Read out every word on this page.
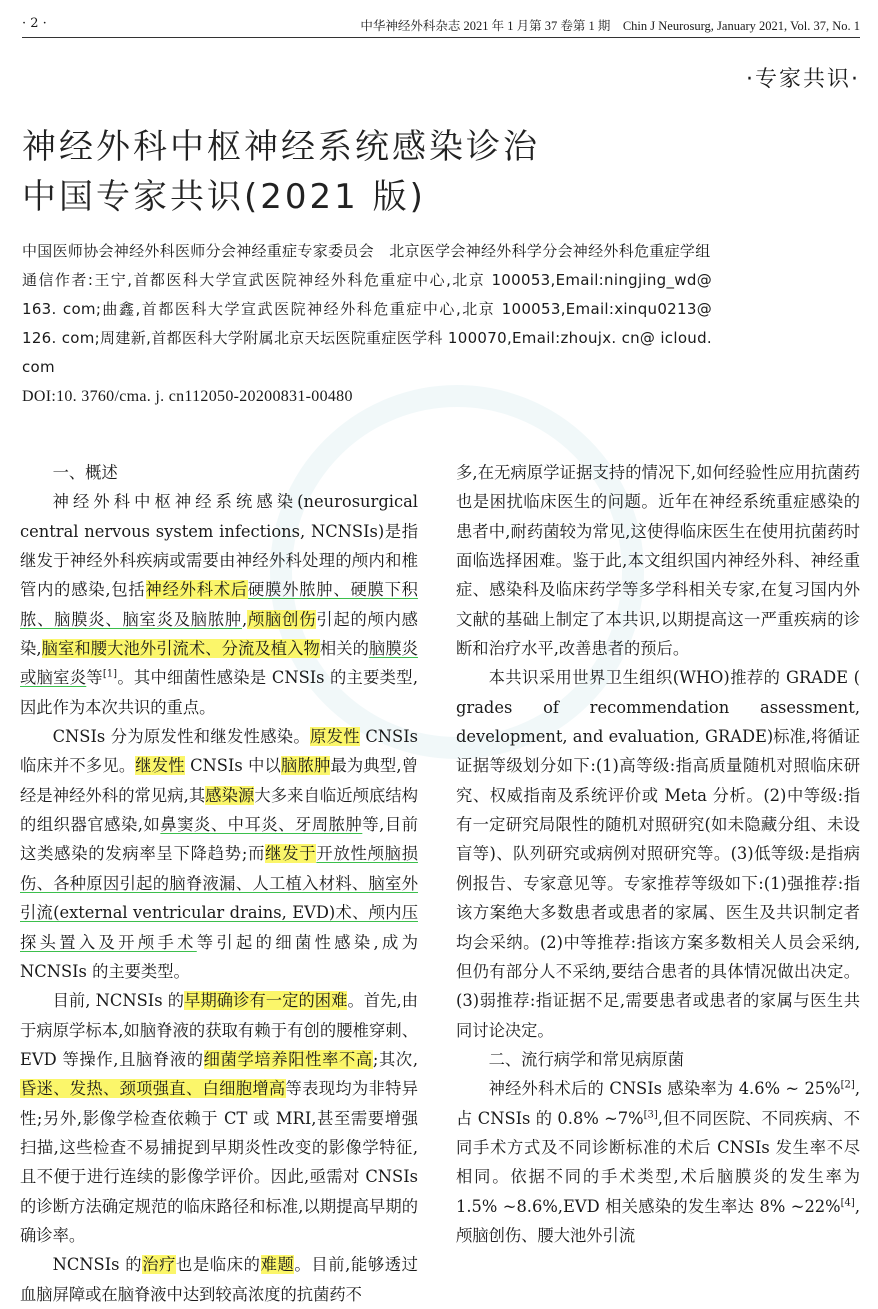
· 2 ·	中华神经外科杂志 2021 年 1 月第 37 卷第 1 期　Chin J Neurosurg, January 2021, Vol. 37, No. 1
·专家共识·
神经外科中枢神经系统感染诊治
中国专家共识(2021 版)

中国医师协会神经外科医师分会神经重症专家委员会　北京医学会神经外科学分会神经外科危重症学组

通信作者:王宁,首都医科大学宣武医院神经外科危重症中心,北京 100053,Email:ningjing_wd@ 163. com;曲鑫,首都医科大学宣武医院神经外科危重症中心,北京 100053,Email:xinqu0213@ 126. com;周建新,首都医科大学附属北京天坛医院重症医学科 100070,Email:zhoujx. cn@ icloud. com

DOI:10. 3760/cma. j. cn112050-20200831-00480

一、概述

神经外科中枢神经系统感染(neurosurgical central nervous system infections, NCNSIs)是指继发于神经外科疾病或需要由神经外科处理的颅内和椎管内的感染,包括神经外科术后硬膜外脓肿、硬膜下积脓、脑膜炎、脑室炎及脑脓肿,颅脑创伤引起的颅内感染,脑室和腰大池外引流术、分流及植入物相关的脑膜炎或脑室炎等[1]。其中细菌性感染是 CNSIs 的主要类型,因此作为本次共识的重点。

CNSIs 分为原发性和继发性感染。原发性 CNSIs 临床并不多见。继发性 CNSIs 中以脑脓肿最为典型,曾经是神经外科的常见病,其感染源大多来自临近颅底结构的组织器官感染,如鼻窦炎、中耳炎、牙周脓肿等,目前这类感染的发病率呈下降趋势;而继发于开放性颅脑损伤、各种原因引起的脑脊液漏、人工植入材料、脑室外引流(external ventricular drains, EVD)术、颅内压探头置入及开颅手术等引起的细菌性感染,成为 NCNSIs 的主要类型。

目前, NCNSIs 的早期确诊有一定的困难。首先,由于病原学标本,如脑脊液的获取有赖于有创的腰椎穿刺、EVD 等操作,且脑脊液的细菌学培养阳性率不高;其次,昏迷、发热、颈项强直、白细胞增高等表现均为非特异性;另外,影像学检查依赖于 CT 或 MRI,甚至需要增强扫描,这些检查不易捕捉到早期炎性改变的影像学特征,且不便于进行连续的影像学评价。因此,亟需对 CNSIs 的诊断方法确定规范的临床路径和标准,以期提高早期的确诊率。

NCNSIs 的治疗也是临床的难题。目前,能够透过血脑屏障或在脑脊液中达到较高浓度的抗菌药不

多,在无病原学证据支持的情况下,如何经验性应用抗菌药也是困扰临床医生的问题。近年在神经系统重症感染的患者中,耐药菌较为常见,这使得临床医生在使用抗菌药时面临选择困难。鉴于此,本文组织国内神经外科、神经重症、感染科及临床药学等多学科相关专家,在复习国内外文献的基础上制定了本共识,以期提高这一严重疾病的诊断和治疗水平,改善患者的预后。

本共识采用世界卫生组织(WHO)推荐的 GRADE ( grades of recommendation assessment, development, and evaluation, GRADE)标准,将循证证据等级划分如下:(1)高等级:指高质量随机对照临床研究、权威指南及系统评价或 Meta 分析。(2)中等级:指有一定研究局限性的随机对照研究(如未隐藏分组、未设盲等)、队列研究或病例对照研究等。(3)低等级:是指病例报告、专家意见等。专家推荐等级如下:(1)强推荐:指该方案绝大多数患者或患者的家属、医生及共识制定者均会采纳。(2)中等推荐:指该方案多数相关人员会采纳,但仍有部分人不采纳,要结合患者的具体情况做出决定。(3)弱推荐:指证据不足,需要患者或患者的家属与医生共同讨论决定。

二、流行病学和常见病原菌

神经外科术后的 CNSIs 感染率为 4.6% ~ 25%[2],占 CNSIs 的 0.8% ~7%[3],但不同医院、不同疾病、不同手术方式及不同诊断标准的术后 CNSIs 发生率不尽相同。依据不同的手术类型,术后脑膜炎的发生率为 1.5% ~8.6%,EVD 相关感染的发生率达 8% ~22%[4],颅脑创伤、腰大池外引流
